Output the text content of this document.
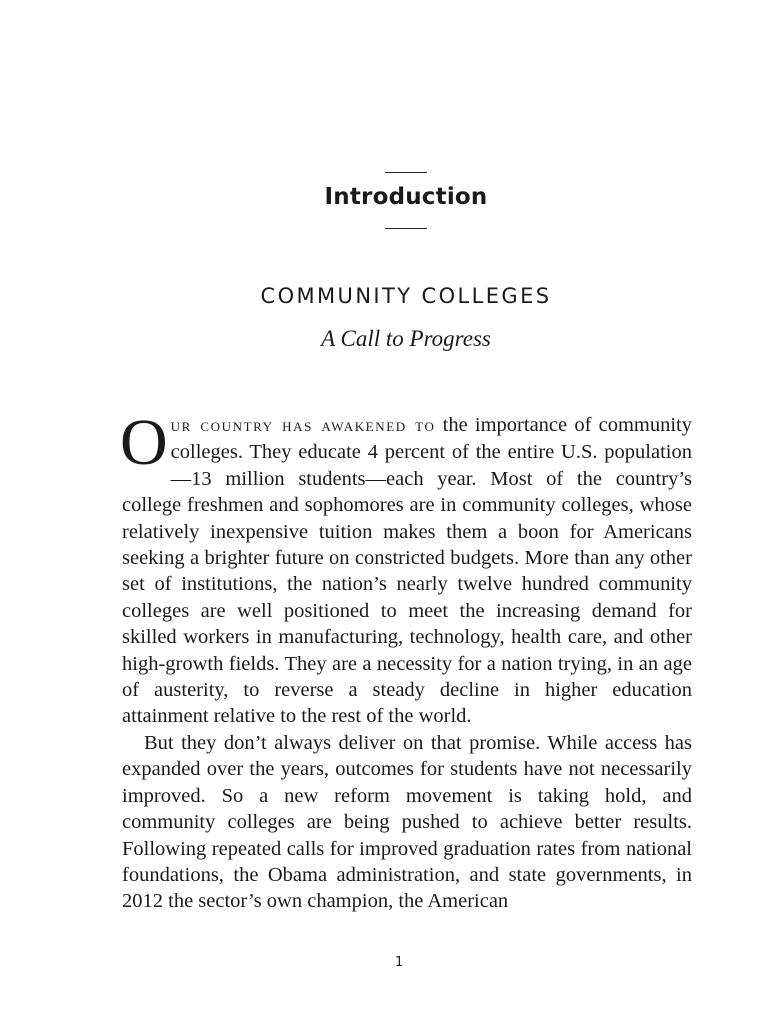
Introduction
COMMUNITY COLLEGES
A Call to Progress

Our country has awakened to the importance of community colleges. They educate 4 percent of the entire U.S. population—13 million students—each year. Most of the country’s college freshmen and sophomores are in community colleges, whose relatively inexpensive tuition makes them a boon for Americans seeking a brighter future on constricted budgets. More than any other set of institutions, the nation’s nearly twelve hundred community colleges are well positioned to meet the increasing demand for skilled workers in manufacturing, technology, health care, and other high-growth fields. They are a necessity for a nation trying, in an age of austerity, to reverse a steady decline in higher education attainment relative to the rest of the world.

But they don’t always deliver on that promise. While access has expanded over the years, outcomes for students have not necessarily improved. So a new reform movement is taking hold, and community colleges are being pushed to achieve better results. Following repeated calls for improved graduation rates from national foundations, the Obama administration, and state governments, in 2012 the sector’s own champion, the American

1
